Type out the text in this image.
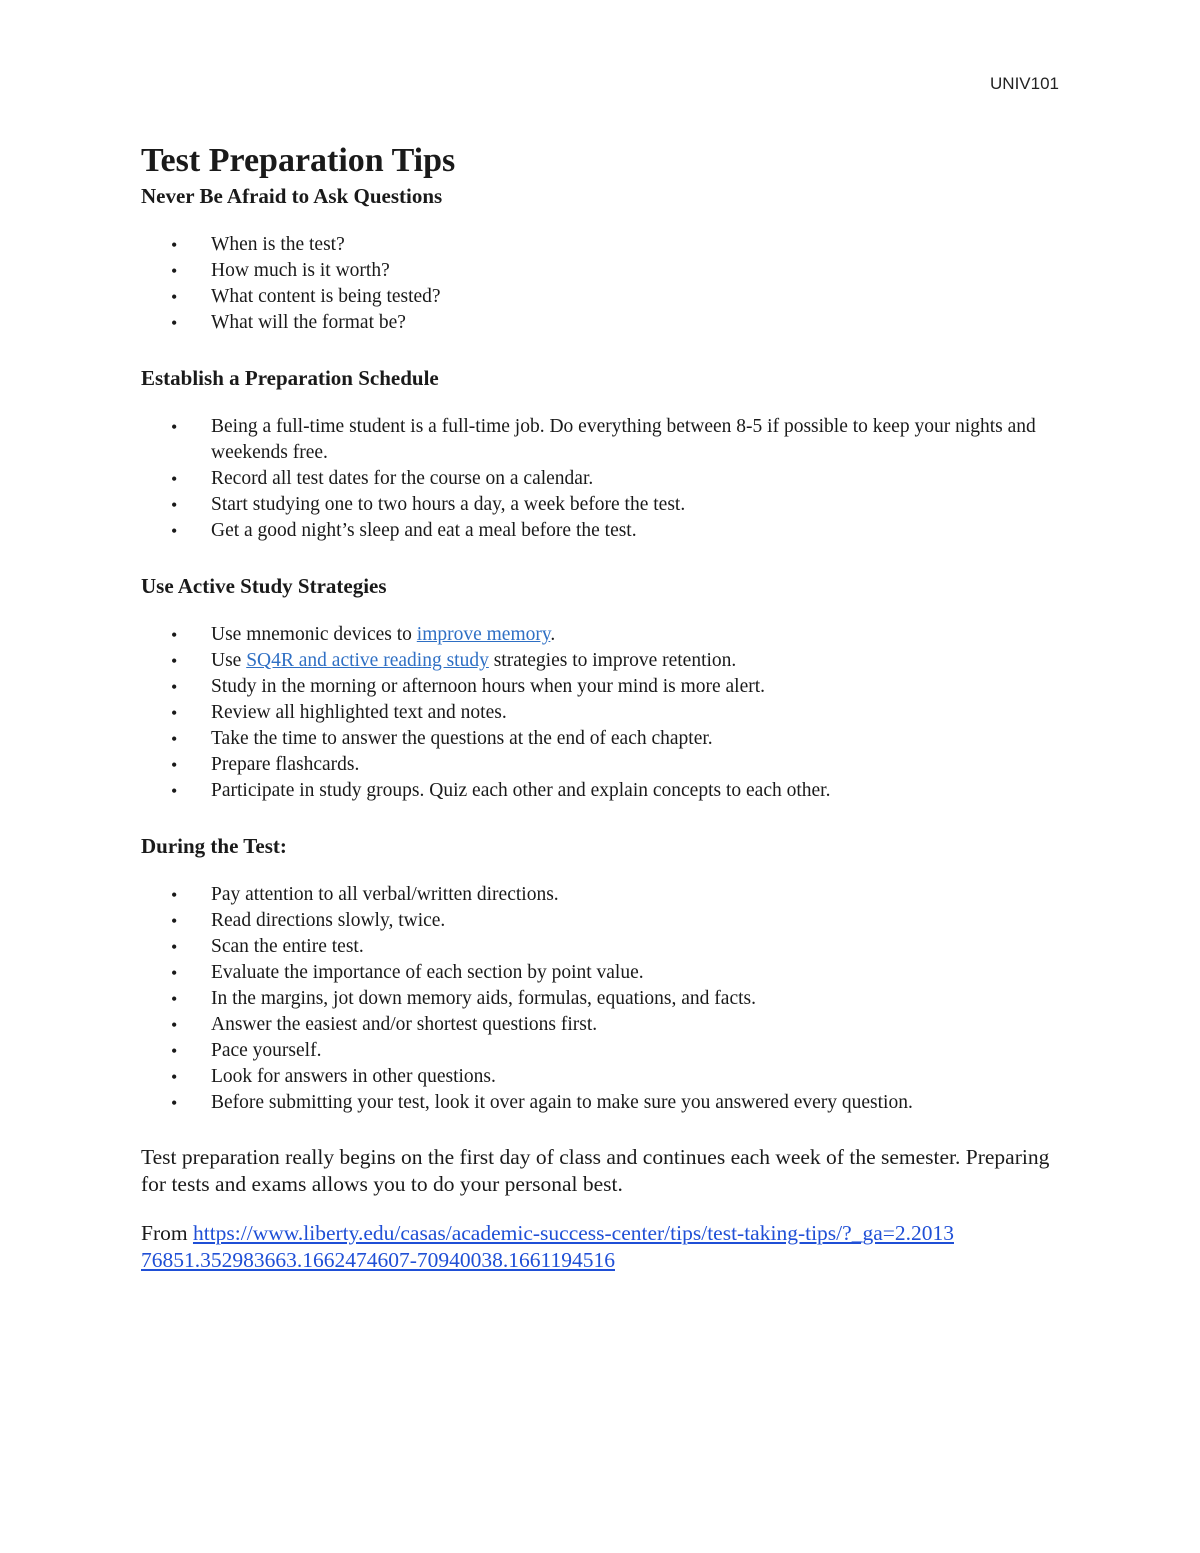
UNIV101
Test Preparation Tips
Never Be Afraid to Ask Questions
• When is the test?
• How much is it worth?
• What content is being tested?
• What will the format be?
Establish a Preparation Schedule
• Being a full-time student is a full-time job. Do everything between 8-5 if possible to keep your nights and weekends free.
• Record all test dates for the course on a calendar.
• Start studying one to two hours a day, a week before the test.
• Get a good night’s sleep and eat a meal before the test.
Use Active Study Strategies
• Use mnemonic devices to improve memory.
• Use SQ4R and active reading study strategies to improve retention.
• Study in the morning or afternoon hours when your mind is more alert.
• Review all highlighted text and notes.
• Take the time to answer the questions at the end of each chapter.
• Prepare flashcards.
• Participate in study groups. Quiz each other and explain concepts to each other.
During the Test:
• Pay attention to all verbal/written directions.
• Read directions slowly, twice.
• Scan the entire test.
• Evaluate the importance of each section by point value.
• In the margins, jot down memory aids, formulas, equations, and facts.
• Answer the easiest and/or shortest questions first.
• Pace yourself.
• Look for answers in other questions.
• Before submitting your test, look it over again to make sure you answered every question.

Test preparation really begins on the first day of class and continues each week of the semester. Preparing for tests and exams allows you to do your personal best.

From https://www.liberty.edu/casas/academic-success-center/tips/test-taking-tips/?_ga=2.201376851.352983663.1662474607-70940038.1661194516
